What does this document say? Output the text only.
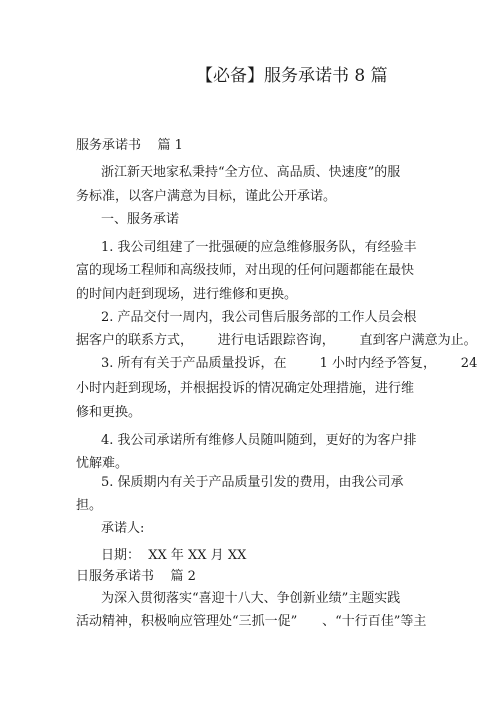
【必备】服务承诺书 8 篇
服务承诺书    篇 1
浙江新天地家私秉持“全方位、高品质、快速度”的服
务标准，以客户满意为目标，谨此公开承诺。
一、服务承诺
1. 我公司组建了一批强硬的应急维修服务队，有经验丰
富的现场工程师和高级技师，对出现的任何问题都能在最快
的时间内赶到现场，进行维修和更换。
2. 产品交付一周内，我公司售后服务部的工作人员会根
据客户的联系方式，      进行电话跟踪咨询，      直到客户满意为止。
3. 所有有关于产品质量投诉，在        1 小时内经予答复，      24
小时内赶到现场，并根据投诉的情况确定处理措施，进行维
修和更换。
4. 我公司承诺所有维修人员随叫随到，更好的为客户排
忧解难。
5. 保质期内有关于产品质量引发的费用，由我公司承
担。
承诺人:
日期：  XX 年 XX 月 XX
日服务承诺书    篇 2
为深入贯彻落实“喜迎十八大、争创新业绩”主题实践
活动精神，积极响应管理处“三抓一促”      、“十行百佳”等主
